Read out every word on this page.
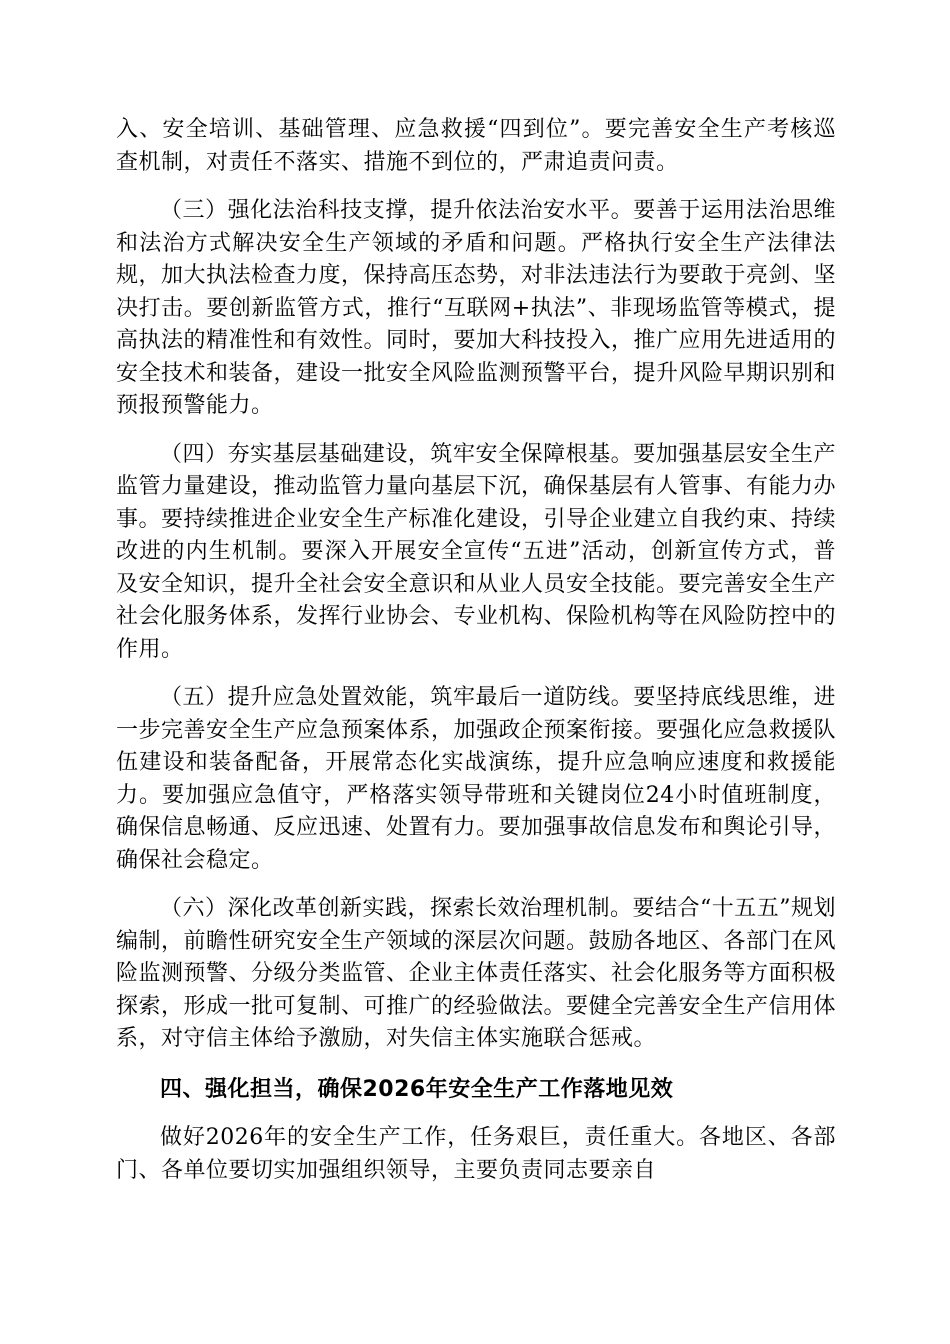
入、安全培训、基础管理、应急救援“四到位”。要完善安全生产考核巡查机制，对责任不落实、措施不到位的，严肃追责问责。

（三）强化法治科技支撑，提升依法治安水平。要善于运用法治思维和法治方式解决安全生产领域的矛盾和问题。严格执行安全生产法律法规，加大执法检查力度，保持高压态势，对非法违法行为要敢于亮剑、坚决打击。要创新监管方式，推行“互联网+执法”、非现场监管等模式，提高执法的精准性和有效性。同时，要加大科技投入，推广应用先进适用的安全技术和装备，建设一批安全风险监测预警平台，提升风险早期识别和预报预警能力。

（四）夯实基层基础建设，筑牢安全保障根基。要加强基层安全生产监管力量建设，推动监管力量向基层下沉，确保基层有人管事、有能力办事。要持续推进企业安全生产标准化建设，引导企业建立自我约束、持续改进的内生机制。要深入开展安全宣传“五进”活动，创新宣传方式，普及安全知识，提升全社会安全意识和从业人员安全技能。要完善安全生产社会化服务体系，发挥行业协会、专业机构、保险机构等在风险防控中的作用。

（五）提升应急处置效能，筑牢最后一道防线。要坚持底线思维，进一步完善安全生产应急预案体系，加强政企预案衔接。要强化应急救援队伍建设和装备配备，开展常态化实战演练，提升应急响应速度和救援能力。要加强应急值守，严格落实领导带班和关键岗位24小时值班制度，确保信息畅通、反应迅速、处置有力。要加强事故信息发布和舆论引导，确保社会稳定。

（六）深化改革创新实践，探索长效治理机制。要结合“十五五”规划编制，前瞻性研究安全生产领域的深层次问题。鼓励各地区、各部门在风险监测预警、分级分类监管、企业主体责任落实、社会化服务等方面积极探索，形成一批可复制、可推广的经验做法。要健全完善安全生产信用体系，对守信主体给予激励，对失信主体实施联合惩戒。

四、强化担当，确保2026年安全生产工作落地见效

做好2026年的安全生产工作，任务艰巨，责任重大。各地区、各部门、各单位要切实加强组织领导，主要负责同志要亲自
